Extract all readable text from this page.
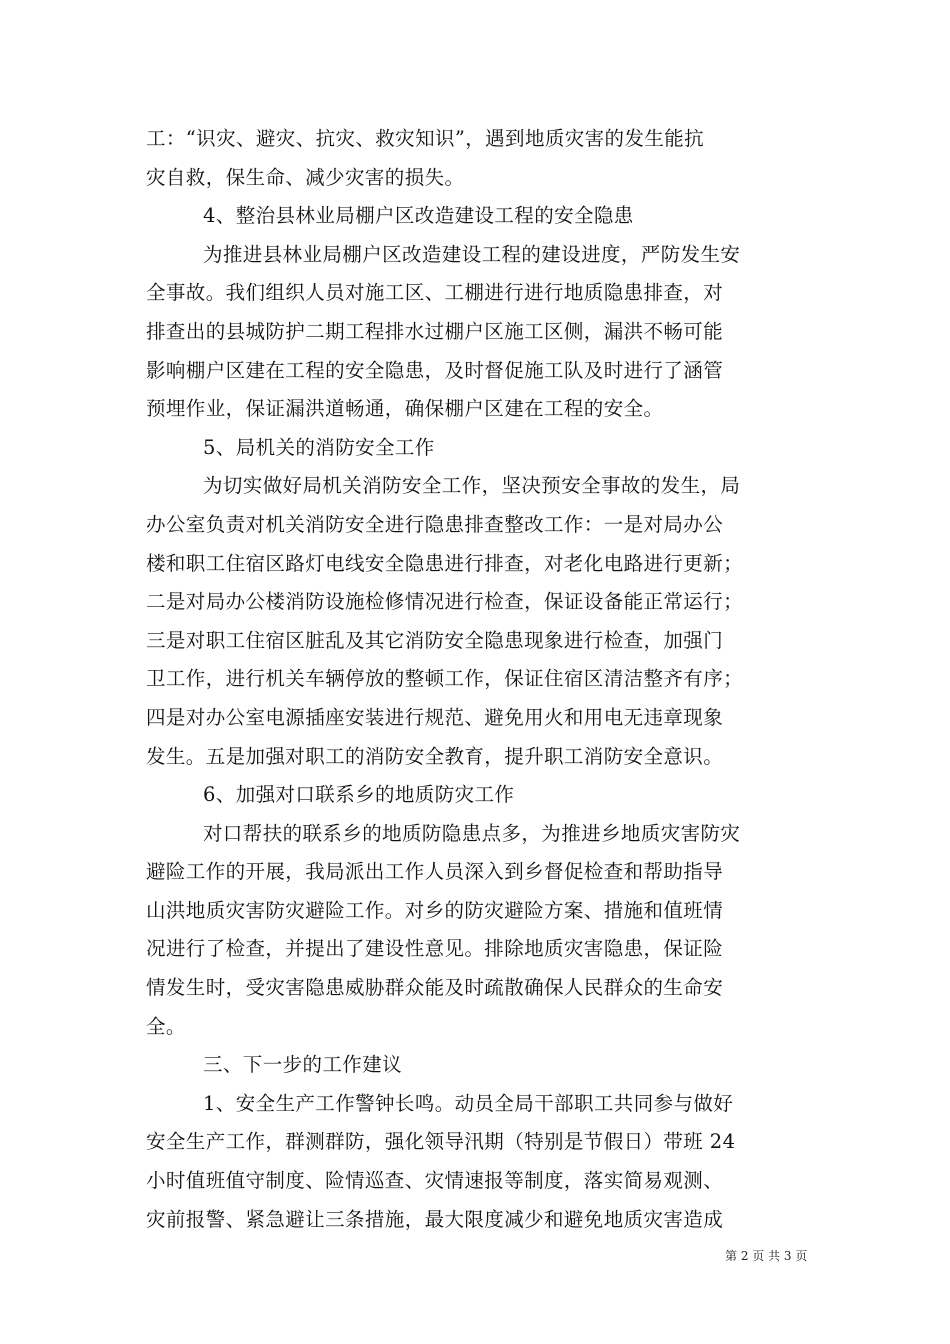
工：“识灾、避灾、抗灾、救灾知识”，遇到地质灾害的发生能抗
灾自救，保生命、减少灾害的损失。
4、整治县林业局棚户区改造建设工程的安全隐患
为推进县林业局棚户区改造建设工程的建设进度，严防发生安
全事故。我们组织人员对施工区、工棚进行进行地质隐患排查，对
排查出的县城防护二期工程排水过棚户区施工区侧，漏洪不畅可能
影响棚户区建在工程的安全隐患，及时督促施工队及时进行了涵管
预埋作业，保证漏洪道畅通，确保棚户区建在工程的安全。
5、局机关的消防安全工作
为切实做好局机关消防安全工作，坚决预安全事故的发生，局
办公室负责对机关消防安全进行隐患排查整改工作：一是对局办公
楼和职工住宿区路灯电线安全隐患进行排查，对老化电路进行更新；
二是对局办公楼消防设施检修情况进行检查，保证设备能正常运行；
三是对职工住宿区脏乱及其它消防安全隐患现象进行检查，加强门
卫工作，进行机关车辆停放的整顿工作，保证住宿区清洁整齐有序；
四是对办公室电源插座安装进行规范、避免用火和用电无违章现象
发生。五是加强对职工的消防安全教育，提升职工消防安全意识。
6、加强对口联系乡的地质防灾工作
对口帮扶的联系乡的地质防隐患点多，为推进乡地质灾害防灾
避险工作的开展，我局派出工作人员深入到乡督促检查和帮助指导
山洪地质灾害防灾避险工作。对乡的防灾避险方案、措施和值班情
况进行了检查，并提出了建设性意见。排除地质灾害隐患，保证险
情发生时，受灾害隐患威胁群众能及时疏散确保人民群众的生命安
全。
三、下一步的工作建议
1、安全生产工作警钟长鸣。动员全局干部职工共同参与做好
安全生产工作，群测群防，强化领导汛期（特别是节假日）带班 24
小时值班值守制度、险情巡查、灾情速报等制度，落实简易观测、
灾前报警、紧急避让三条措施，最大限度减少和避免地质灾害造成
第 2 页 共 3 页
